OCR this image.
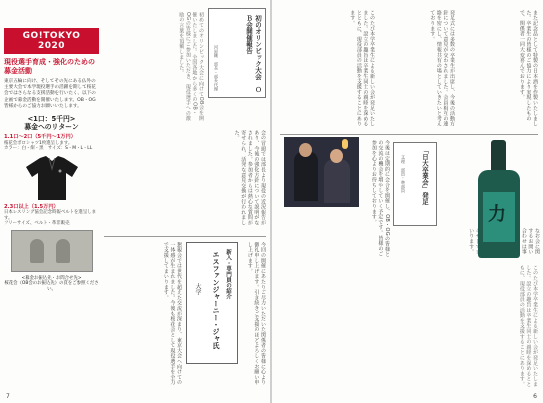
GO!TOKYO 2020
現役選手育成・強化のための募金活動
東京五輪に向け、そしてその先にある仏外の主要大会で本学現役選手の活躍を期して桜花会ではさらなる支援活動を行いたく、以下の企画で募金活動を開催いたします。OB・OG皆様からのご協力お願いいたします。
<1口：5千円>
募金へのリターン
1.1口～2口（5千円～1万円）
桜花会ポロシャツ1枚進呈します。
カラー：白・紺・黒　サイズ：S・M・L・LL
2.3口以上（1.5万円）
日本レスリング協会記念時報ベルトを進呈します。
フリーサイズ、ベルト・革非販売
<募金お振込先・お問合せ先>
桜花会（OB会のお振込先）の頁をご参照ください。
初めてのオリンピック大会に向けてOB会を開催いたしました。全国各地から多くのOB・OGの皆様にご参加いただき、現役選手への激励の言葉を頂戴しました。	初のオリンピック大会　ＯＢ会開催報告
河原剛　部長・部長代理
会の冒頭では部長より現役の近況報告があり、今後の強化方針について説明がなされました。参加者からは熱心な質問が寄せられ、活発な意見交換が行われました。
懇親会では世代を超えた交流が深まり、東京大会へ向けての一体感が生まれました。今後も桜花会として現役選手を全力で支援してまいります。	新入・専門員の紹介
エスファンジャーニー・ジャ氏
大学	今回の開催にあたりご尽力いただいた関係者の皆様に心より御礼申し上げます。引き続きご支援のほどよろしくお願い申し上げます。
7
このたび本学卒業生による新しい会が発足いたしました。設立の趣旨は卒業生同士の親睦を深めるとともに、現役部員の活動を支援することにあります。	発足式には多数の卒業生が出席し、今後の活動方針について意見が交わされました。会員相互の連絡を密にし、情報共有の場としていきたいと考えております。	また記念品として特製の日本酒を作製いたしました。卒業生の皆様のご協力により実現したもので、関係者一同大変喜んでおります。
今後は定期的に会合を開催し、OB・OGの皆様との交流の機会を増やしていく予定です。皆様のご参加を心よりお待ちしております。
なお会に関するお問い合わせは事 いります。
このたび本学卒業生による新しい会が発足いたしました。設立の趣旨は卒業生同士の親睦を深めるとともに、現役部員の活動を支援することにあります。
6
「日大卒業会」発足
文理　部員・準部員
力
